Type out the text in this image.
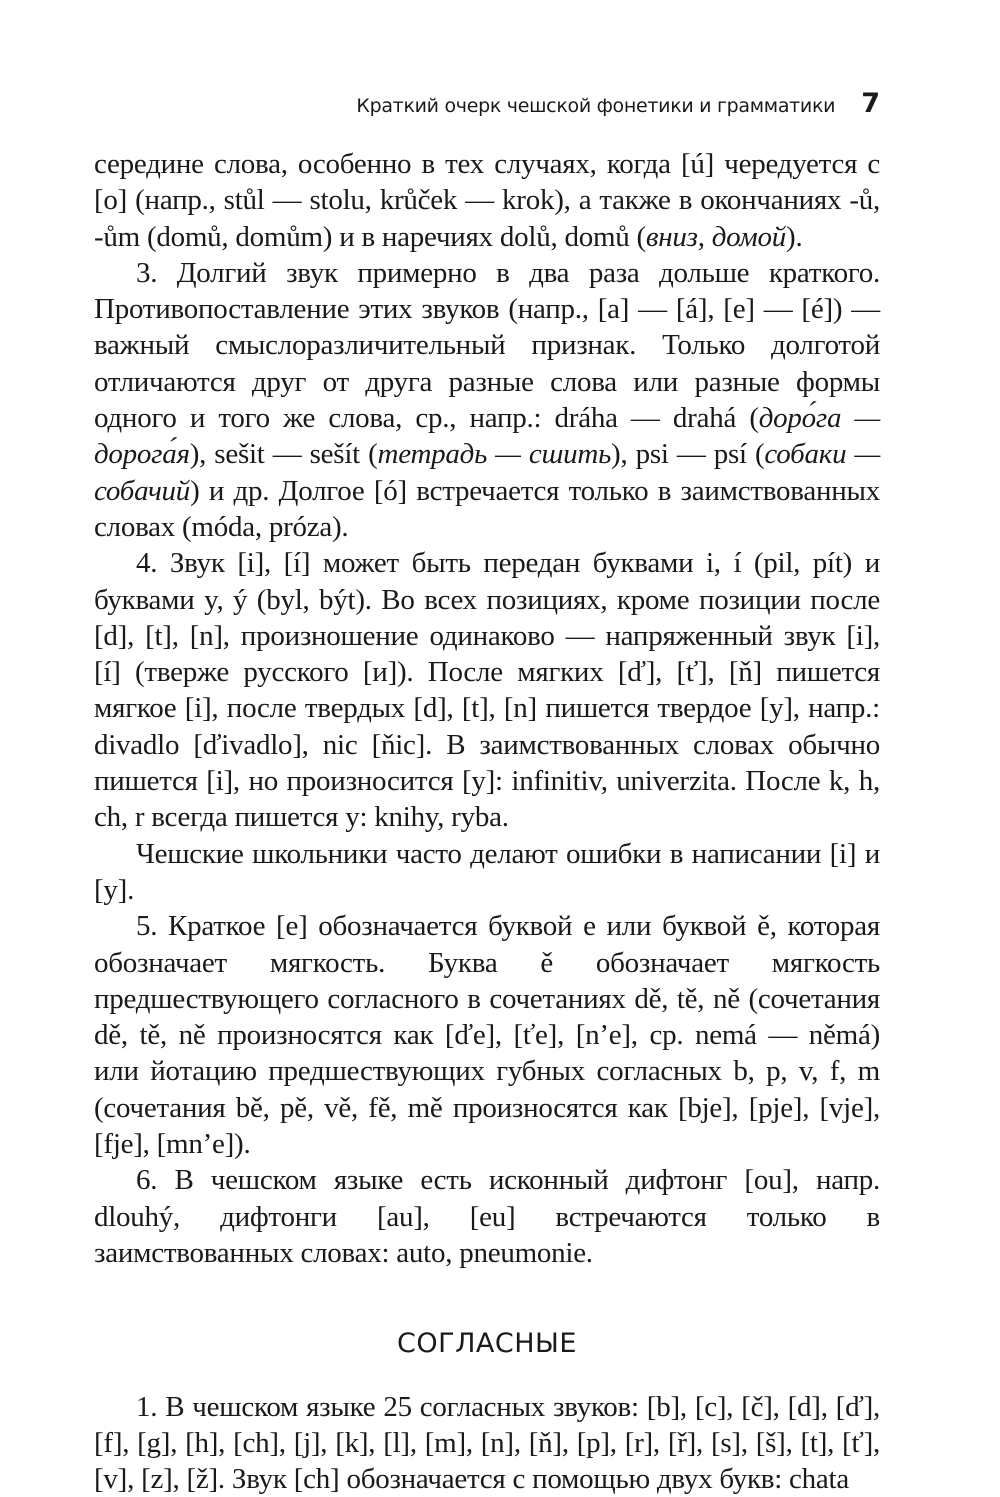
Краткий очерк чешской фонетики и грамматики 7

середине слова, особенно в тех случаях, когда [ú] чередуется с [o] (напр., stůl — stolu, krůček — krok), а также в окончаниях -ů, -ům (domů, domům) и в наречиях dolů, domů (вниз, домой).

3. Долгий звук примерно в два раза дольше краткого. Противопоставление этих звуков (напр., [a] — [á], [e] — [é]) — важный смыслоразличительный признак. Только долготой отличаются друг от друга разные слова или разные формы одного и того же слова, ср., напр.: dráha — drahá (доро́га — дорога́я), sešit — sešít (тетрадь — сшить), psi — psí (собаки — собачий) и др. Долгое [ó] встречается только в заимствованных словах (móda, próza).

4. Звук [i], [í] может быть передан буквами i, í (pil, pít) и буквами y, ý (byl, být). Во всех позициях, кроме позиции после [d], [t], [n], произношение одинаково — напряженный звук [i], [í] (тверже русского [и]). После мягких [ď], [ť], [ň] пишется мягкое [i], после твердых [d], [t], [n] пишется твердое [y], напр.: divadlo [ďivadlo], nic [ňic]. В заимствованных словах обычно пишется [i], но произносится [y]: infinitiv, univerzita. После k, h, ch, r всегда пишется y: knihy, ryba.

Чешские школьники часто делают ошибки в написании [i] и [y].

5. Краткое [e] обозначается буквой e или буквой ě, которая обозначает мягкость. Буква ě обозначает мягкость предшествующего согласного в сочетаниях dě, tě, ně (сочетания dě, tě, ně произносятся как [ďe], [ťe], [n’e], ср. nemá — němá) или йотацию предшествующих губных согласных b, p, v, f, m (сочетания bě, pě, vě, fě, mě произносятся как [bje], [pje], [vje], [fje], [mn’e]).

6. В чешском языке есть исконный дифтонг [ou], напр. dlouhý, дифтонги [au], [eu] встречаются только в заимствованных словах: auto, pneumonie.

СОГЛАСНЫЕ

1. В чешском языке 25 согласных звуков: [b], [c], [č], [d], [ď], [f], [g], [h], [ch], [j], [k], [l], [m], [n], [ň], [p], [r], [ř], [s], [š], [t], [ť], [v], [z], [ž]. Звук [ch] обозначается с помощью двух букв: chata
